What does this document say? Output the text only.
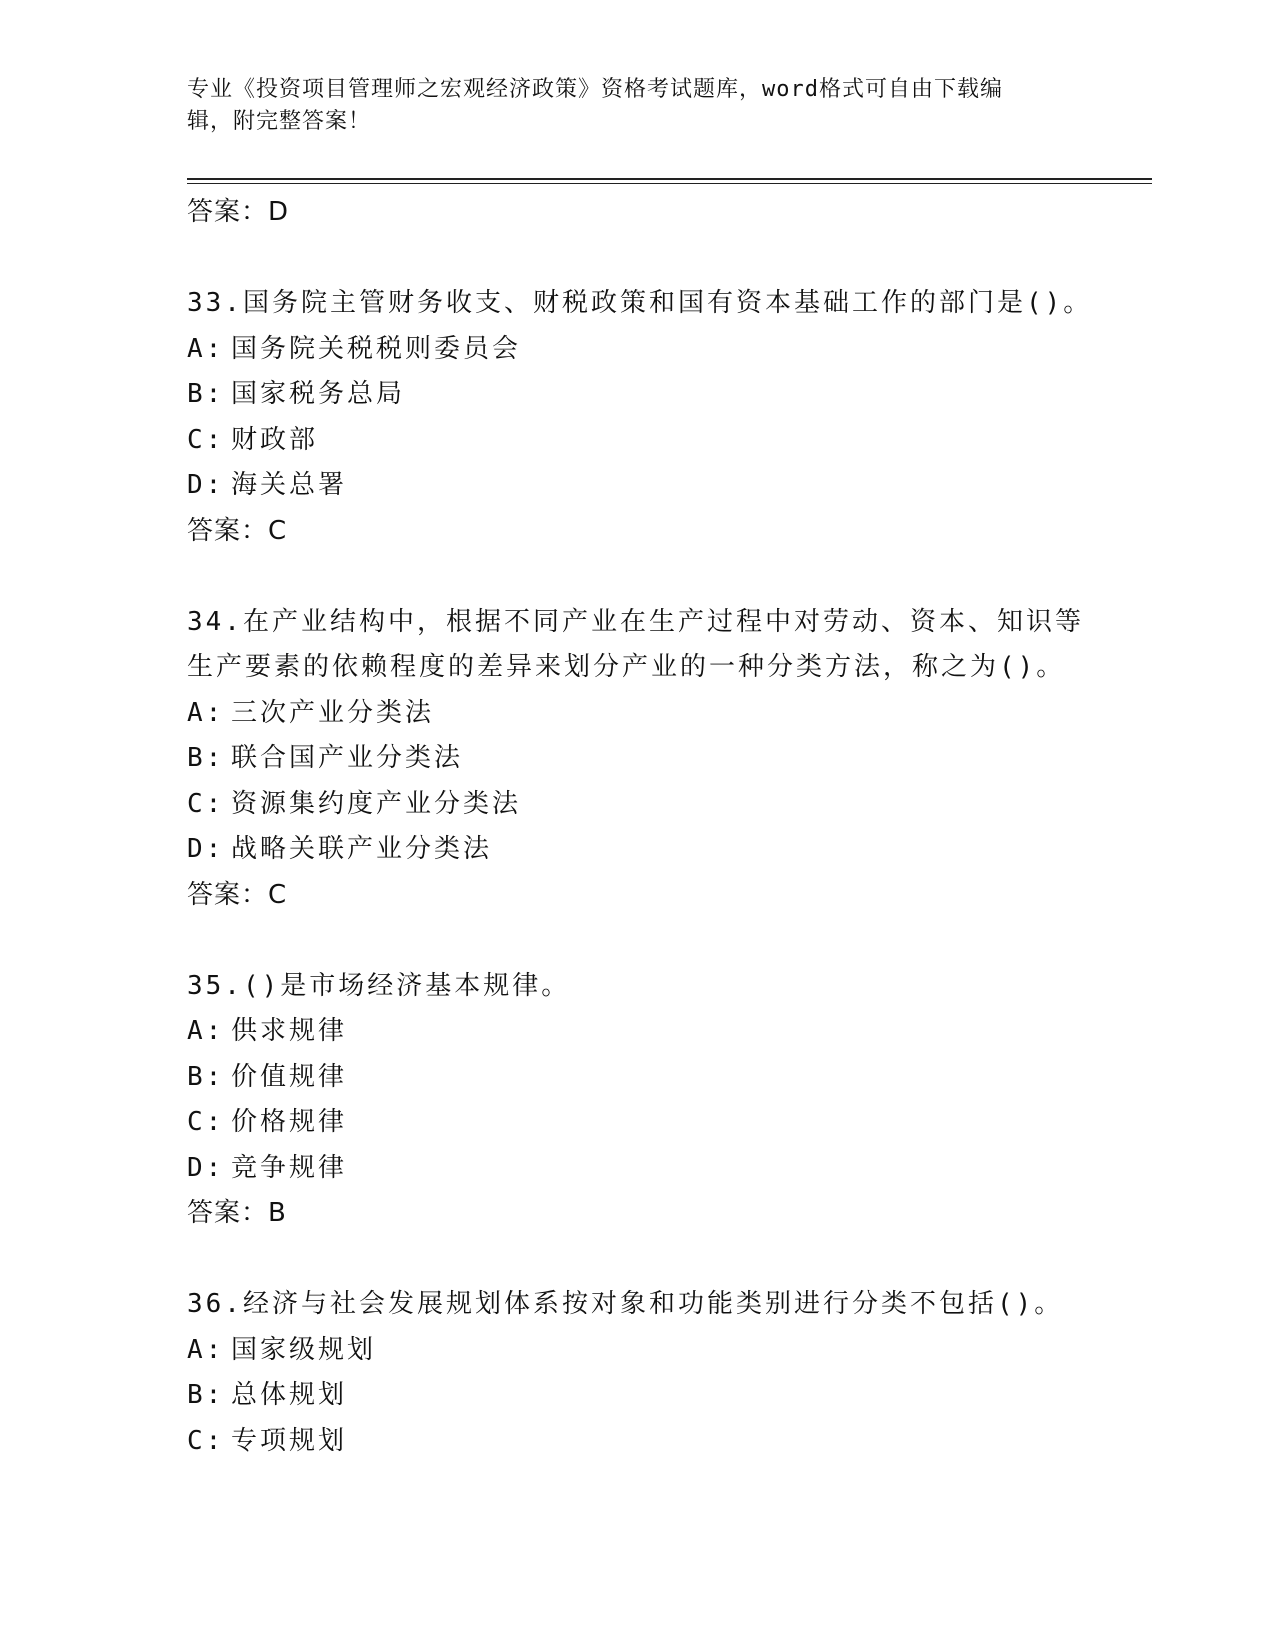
专业《投资项目管理师之宏观经济政策》资格考试题库，word格式可自由下载编
辑，附完整答案！
答案：D
33.国务院主管财务收支、财税政策和国有资本基础工作的部门是()。
A: 国务院关税税则委员会
B: 国家税务总局
C: 财政部
D: 海关总署
答案：C
34.在产业结构中，根据不同产业在生产过程中对劳动、资本、知识等
生产要素的依赖程度的差异来划分产业的一种分类方法，称之为()。
A: 三次产业分类法
B: 联合国产业分类法
C: 资源集约度产业分类法
D: 战略关联产业分类法
答案：C
35.()是市场经济基本规律。
A: 供求规律
B: 价值规律
C: 价格规律
D: 竞争规律
答案：B
36.经济与社会发展规划体系按对象和功能类别进行分类不包括()。
A: 国家级规划
B: 总体规划
C: 专项规划
